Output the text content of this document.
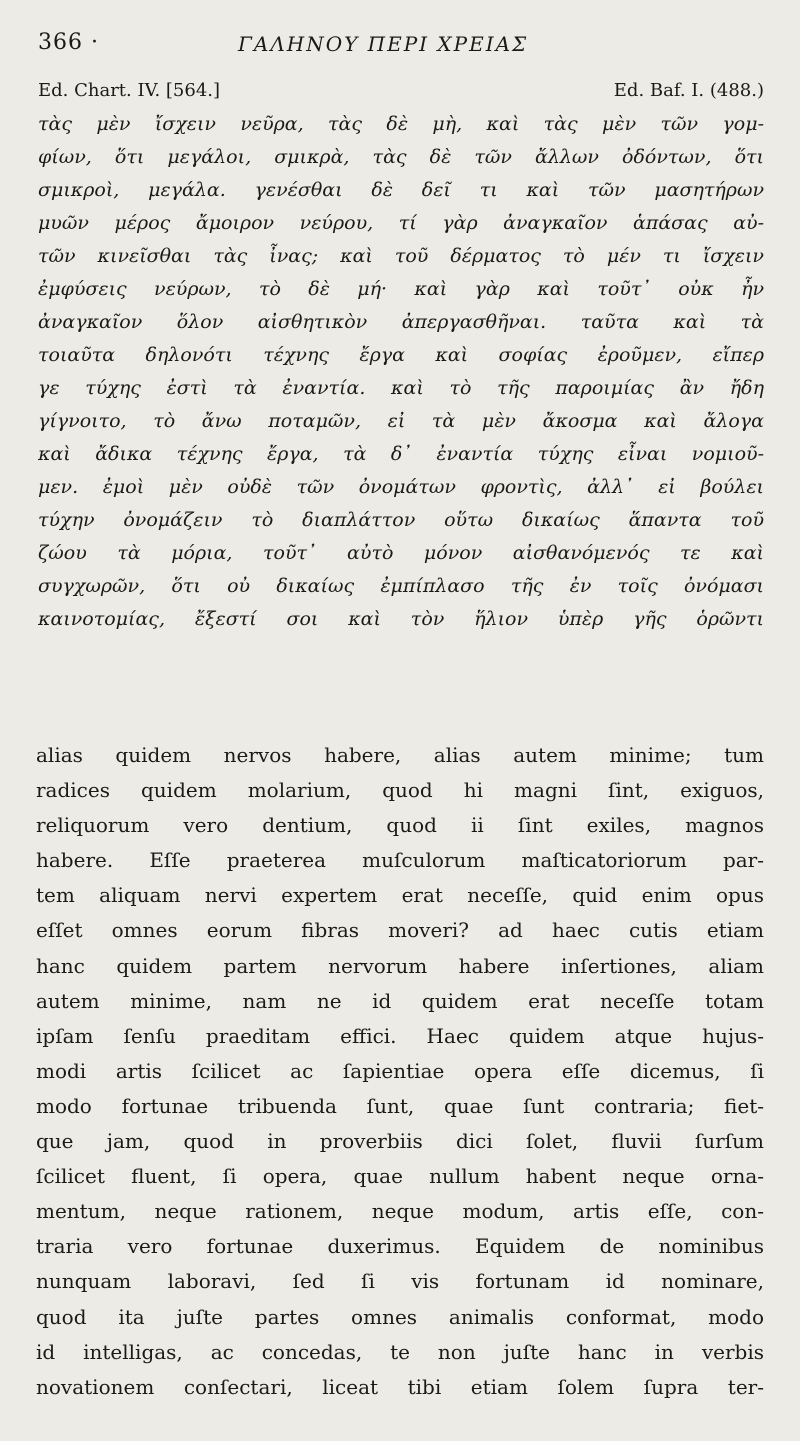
366 ·	ΓΑΛΗΝΟΥ ΠΕΡΙ ΧΡΕΙΑΣ
Ed. Chart. IV. [564.]	Ed. Baf. I. (488.)
τὰς μὲν ἴσχειν νεῦρα, τὰς δὲ μὴ, καὶ τὰς μὲν τῶν γομ-
φίων, ὅτι μεγάλοι, σμικρὰ, τὰς δὲ τῶν ἄλλων ὀδόντων, ὅτι
σμικροὶ, μεγάλα. γενέσθαι δὲ δεῖ τι καὶ τῶν μασητήρων
μυῶν μέρος ἄμοιρον νεύρου, τί γὰρ ἀναγκαῖον ἁπάσας αὐ-
τῶν κινεῖσθαι τὰς ἶνας; καὶ τοῦ δέρματος τὸ μέν τι ἴσχειν
ἐμφύσεις νεύρων, τὸ δὲ μή· καὶ γὰρ καὶ τοῦτ᾽ οὐκ ἦν
ἀναγκαῖον ὅλον αἰσθητικὸν ἀπεργασθῆναι. ταῦτα καὶ τὰ
τοιαῦτα δηλονότι τέχνης ἔργα καὶ σοφίας ἐροῦμεν, εἴπερ
γε τύχης ἐστὶ τὰ ἐναντία. καὶ τὸ τῆς παροιμίας ἂν ἤδη
γίγνοιτο, τὸ ἄνω ποταμῶν, εἰ τὰ μὲν ἄκοσμα καὶ ἄλογα
καὶ ἄδικα τέχνης ἔργα, τὰ δ᾽ ἐναντία τύχης εἶναι νομιοῦ-
μεν. ἐμοὶ μὲν οὐδὲ τῶν ὀνομάτων φροντὶς, ἀλλ᾽ εἰ βούλει
τύχην ὀνομάζειν τὸ διαπλάττον οὕτω δικαίως ἅπαντα τοῦ
ζώου τὰ μόρια, τοῦτ᾽ αὐτὸ μόνον αἰσθανόμενός τε καὶ
συγχωρῶν, ὅτι οὐ δικαίως ἐμπίπλασο τῆς ἐν τοῖς ὀνόμασι
καινοτομίας, ἔξεστί σοι καὶ τὸν ἥλιον ὑπὲρ γῆς ὁρῶντι
alias quidem nervos habere, alias autem minime; tum
radices quidem molarium, quod hi magni ſint, exiguos,
reliquorum vero dentium, quod ii ſint exiles, magnos
habere. Eſſe praeterea muſculorum maſticatoriorum par-
tem aliquam nervi expertem erat neceſſe, quid enim opus
eſſet omnes eorum fibras moveri? ad haec cutis etiam
hanc quidem partem nervorum habere inſertiones, aliam
autem minime, nam ne id quidem erat neceſſe totam
ipſam ſenſu praeditam effici. Haec quidem atque hujus-
modi artis ſcilicet ac ſapientiae opera eſſe dicemus, ſi
modo fortunae tribuenda ſunt, quae ſunt contraria; fiet-
que jam, quod in proverbiis dici ſolet, fluvii ſurſum
ſcilicet fluent, ſi opera, quae nullum habent neque orna-
mentum, neque rationem, neque modum, artis eſſe, con-
traria vero fortunae duxerimus. Equidem de nominibus
nunquam laboravi, ſed ſi vis fortunam id nominare,
quod ita juſte partes omnes animalis conformat, modo
id intelligas, ac concedas, te non juſte hanc in verbis
novationem conſectari, liceat tibi etiam ſolem ſupra ter-
